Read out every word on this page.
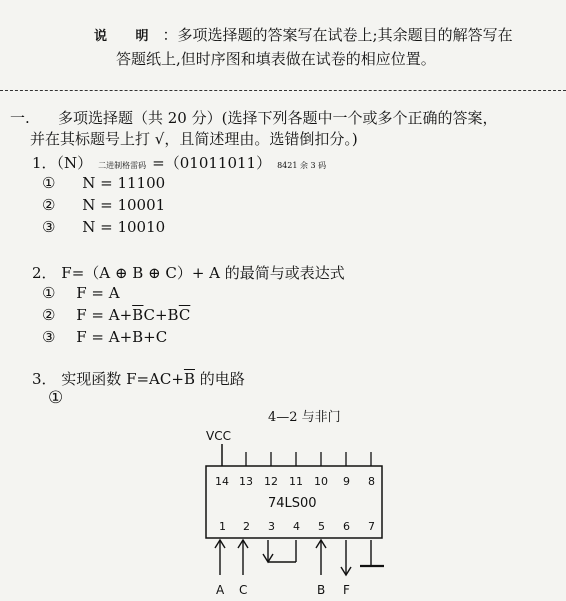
说 明 ：多项选择题的答案写在试卷上;其余题目的解答写在
答题纸上,但时序图和填表做在试卷的相应位置。
一. 多项选择题（共 20 分）(选择下列各题中一个或多个正确的答案，
并在其标题号上打 √，且简述理由。选错倒扣分。)
1．（N） 二进制格雷码 =（01011011） 8421 余 3 码
① N = 11100
② N = 10001
③ N = 10010
2． F=（A ⊕ B ⊕ C）+ A 的最简与或表达式
① F = A
② $F = A+\overline{B}C+B\overline{C}$
③ F = A+B+C
3． 实现函数 $F=AC+\overline{B}$ 的电路
①
4—2 与非门
VCC
74LS00
14 13 12 11 10 9 8
1 2 3 4 5 6 7
A C	B F
